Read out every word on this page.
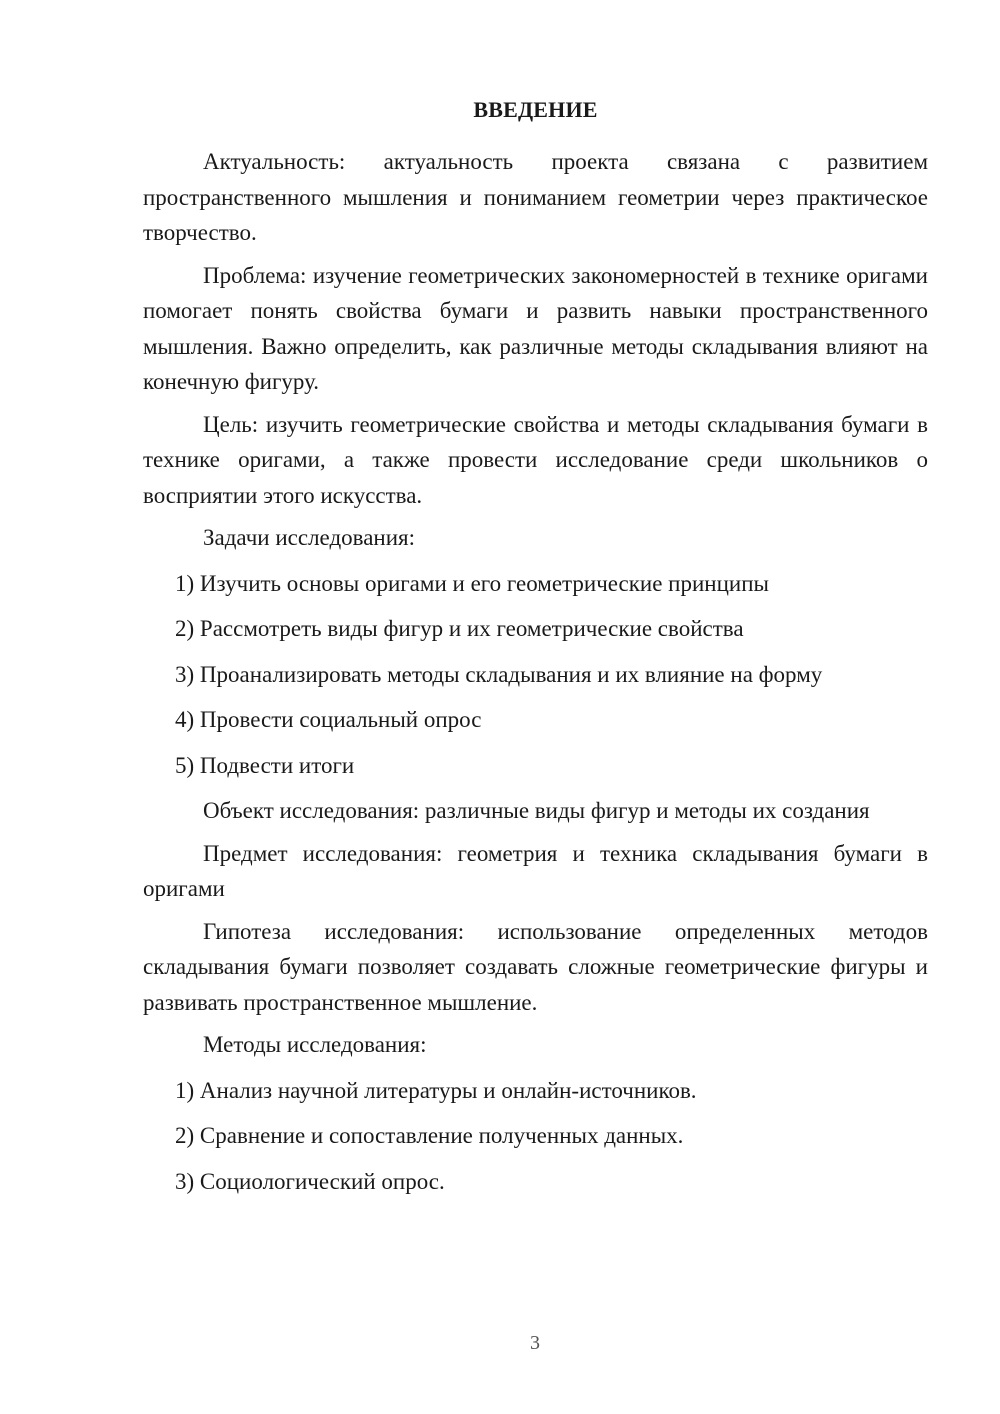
ВВЕДЕНИЕ

Актуальность: актуальность проекта связана с развитием пространственного мышления и пониманием геометрии через практическое творчество.

Проблема: изучение геометрических закономерностей в технике оригами помогает понять свойства бумаги и развить навыки пространственного мышления. Важно определить, как различные методы складывания влияют на конечную фигуру.

Цель: изучить геометрические свойства и методы складывания бумаги в технике оригами, а также провести исследование среди школьников о восприятии этого искусства.

Задачи исследования:

1) Изучить основы оригами и его геометрические принципы
2) Рассмотреть виды фигур и их геометрические свойства
3) Проанализировать методы складывания и их влияние на форму
4) Провести социальный опрос
5) Подвести итоги

Объект исследования: различные виды фигур и методы их создания

Предмет исследования: геометрия и техника складывания бумаги в оригами

Гипотеза исследования: использование определенных методов складывания бумаги позволяет создавать сложные геометрические фигуры и развивать пространственное мышление.

Методы исследования:

1) Анализ научной литературы и онлайн-источников.
2) Сравнение и сопоставление полученных данных.
3) Социологический опрос.
3
